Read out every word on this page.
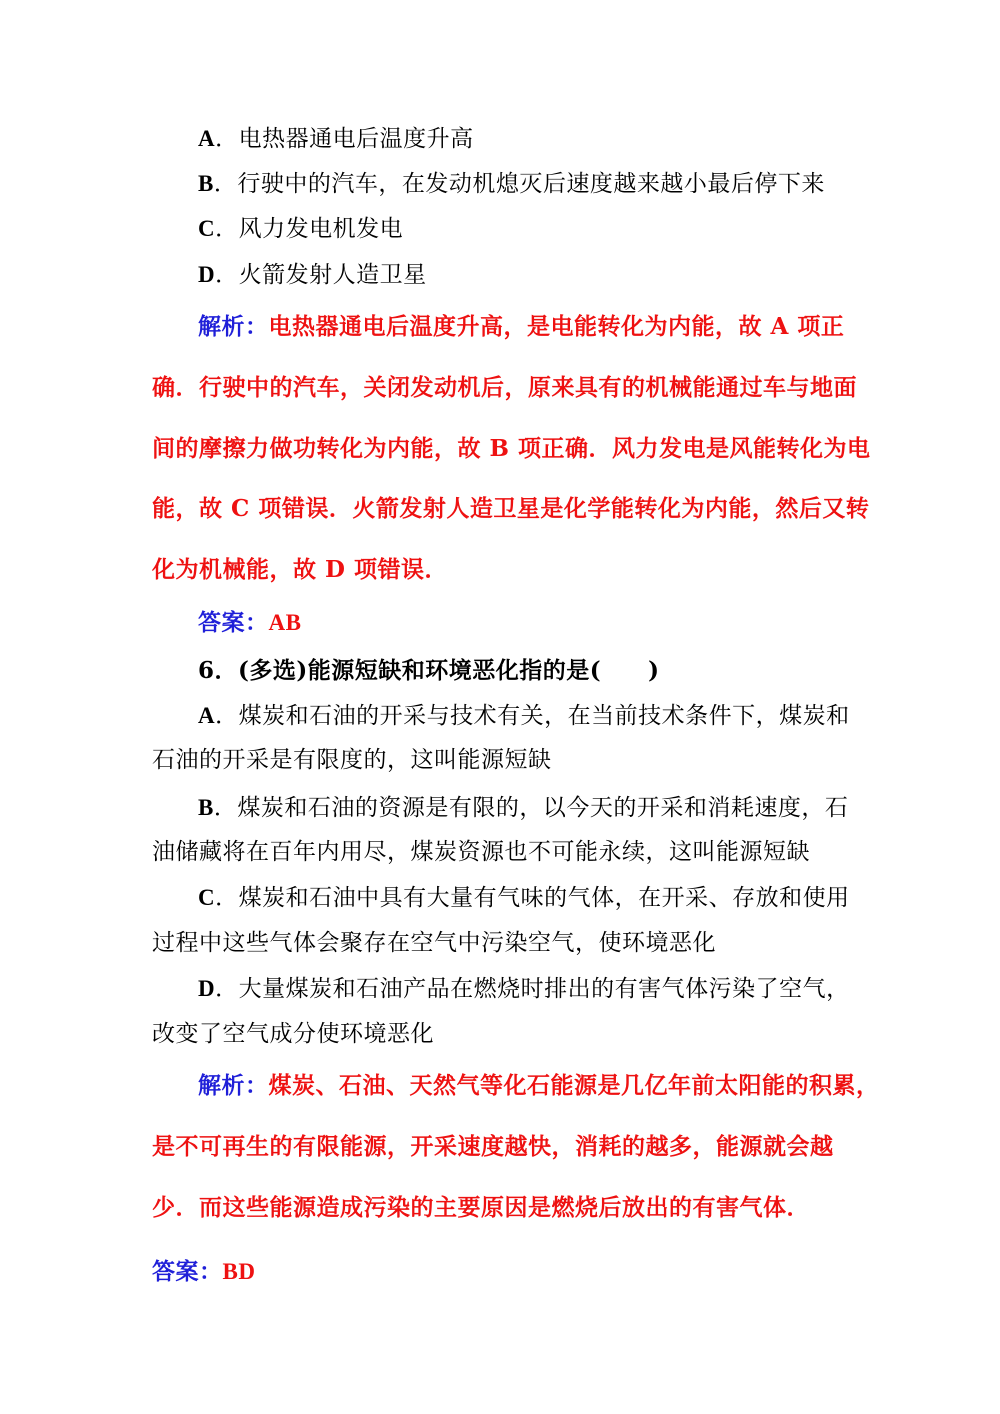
A．电热器通电后温度升高
B．行驶中的汽车，在发动机熄灭后速度越来越小最后停下来
C．风力发电机发电
D．火箭发射人造卫星
解析：电热器通电后温度升高，是电能转化为内能，故 A 项正
确．行驶中的汽车，关闭发动机后，原来具有的机械能通过车与地面
间的摩擦力做功转化为内能，故 B 项正确．风力发电是风能转化为电
能，故 C 项错误．火箭发射人造卫星是化学能转化为内能，然后又转
化为机械能，故 D 项错误．
答案：AB
6．(多选)能源短缺和环境恶化指的是(　　)
A．煤炭和石油的开采与技术有关，在当前技术条件下，煤炭和
石油的开采是有限度的，这叫能源短缺
B．煤炭和石油的资源是有限的，以今天的开采和消耗速度，石
油储藏将在百年内用尽，煤炭资源也不可能永续，这叫能源短缺
C．煤炭和石油中具有大量有气味的气体，在开采、存放和使用
过程中这些气体会聚存在空气中污染空气，使环境恶化
D．大量煤炭和石油产品在燃烧时排出的有害气体污染了空气，
改变了空气成分使环境恶化
解析：煤炭、石油、天然气等化石能源是几亿年前太阳能的积累，
是不可再生的有限能源，开采速度越快，消耗的越多，能源就会越
少．而这些能源造成污染的主要原因是燃烧后放出的有害气体．
答案：BD
